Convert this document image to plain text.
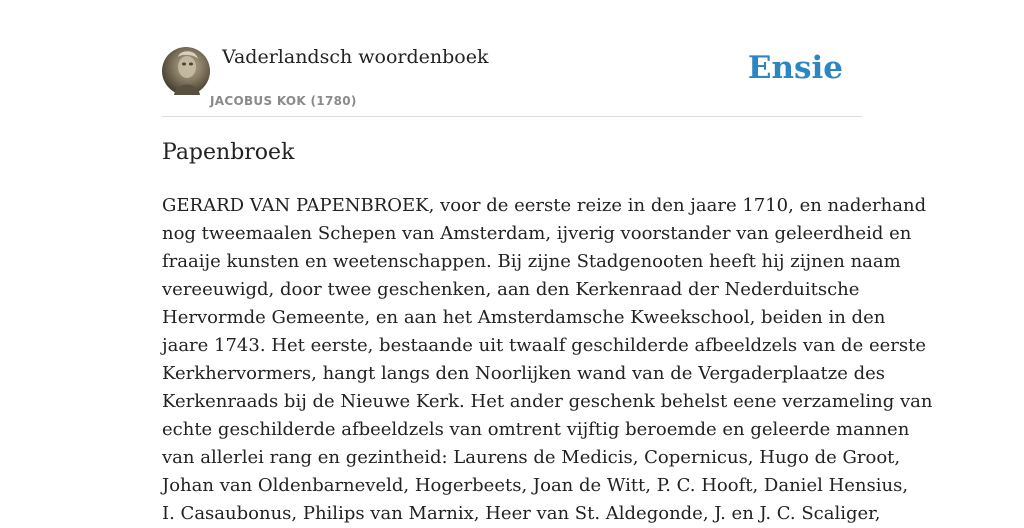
Vaderlandsch woordenboek
JACOBUS KOK (1780)
Ensie
Papenbroek

GERARD VAN PAPENBROEK, voor de eerste reize in den jaare 1710, en naderhand
nog tweemaalen Schepen van Amsterdam, ijverig voorstander van geleerdheid en
fraaije kunsten en weetenschappen. Bij zijne Stadgenooten heeft hij zijnen naam
vereeuwigd, door twee geschenken, aan den Kerkenraad der Nederduitsche
Hervormde Gemeente, en aan het Amsterdamsche Kweekschool, beiden in den
jaare 1743. Het eerste, bestaande uit twaalf geschilderde afbeeldzels van de eerste
Kerkhervormers, hangt langs den Noorlijken wand van de Vergaderplaatze des
Kerkenraads bij de Nieuwe Kerk. Het ander geschenk behelst eene verzameling van
echte geschilderde afbeeldzels van omtrent vijftig beroemde en geleerde mannen
van allerlei rang en gezintheid: Laurens de Medicis, Copernicus, Hugo de Groot,
Johan van Oldenbarneveld, Hogerbeets, Joan de Witt, P. C. Hooft, Daniel Hensius,
I. Casaubonus, Philips van Marnix, Heer van St. Aldegonde, J. en J. C. Scaliger,
